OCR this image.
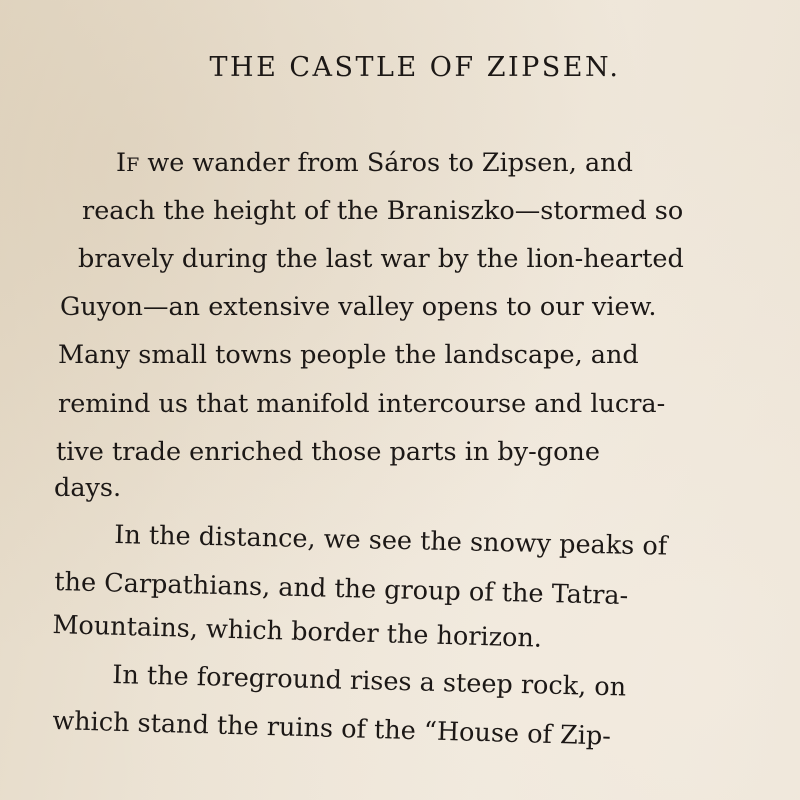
THE CASTLE OF ZIPSEN.
IF we wander from Sáros to Zipsen, and
reach the height of the Braniszko—stormed so
bravely during the last war by the lion-hearted
Guyon—an extensive valley opens to our view.
Many small towns people the landscape, and
remind us that manifold intercourse and lucra-
tive trade enriched those parts in by-gone
days.
In the distance, we see the snowy peaks of
the Carpathians, and the group of the Tatra-
Mountains, which border the horizon.
In the foreground rises a steep rock, on
which stand the ruins of the “House of Zip-
